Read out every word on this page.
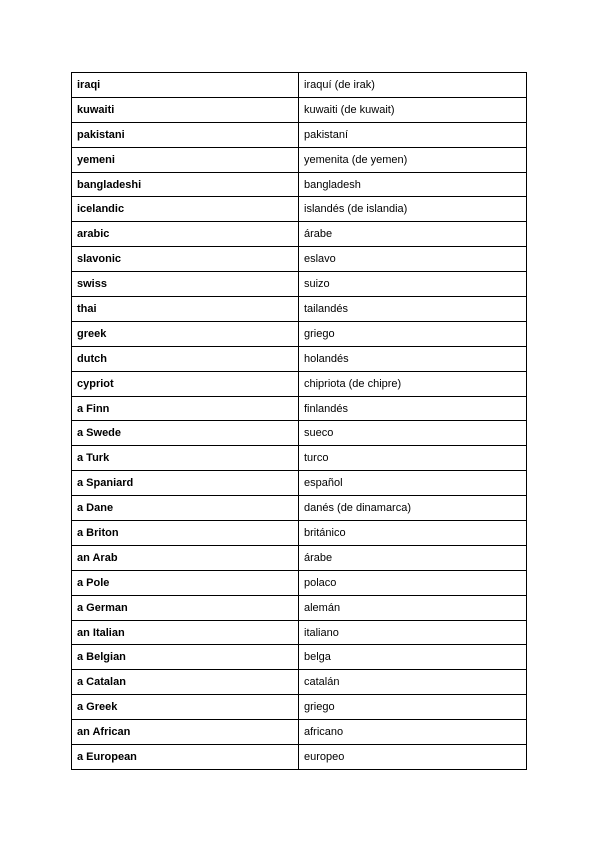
iraqi	iraquí (de irak)
kuwaiti	kuwaiti (de kuwait)
pakistani	pakistaní
yemeni	yemenita (de yemen)
bangladeshi	bangladesh
icelandic	islandés (de islandia)
arabic	árabe
slavonic	eslavo
swiss	suizo
thai	tailandés
greek	griego
dutch	holandés
cypriot	chipriota (de chipre)
a Finn	finlandés
a Swede	sueco
a Turk	turco
a Spaniard	español
a Dane	danés (de dinamarca)
a Briton	británico
an Arab	árabe
a Pole	polaco
a German	alemán
an Italian	italiano
a Belgian	belga
a Catalan	catalán
a Greek	griego
an African	africano
a European	europeo
